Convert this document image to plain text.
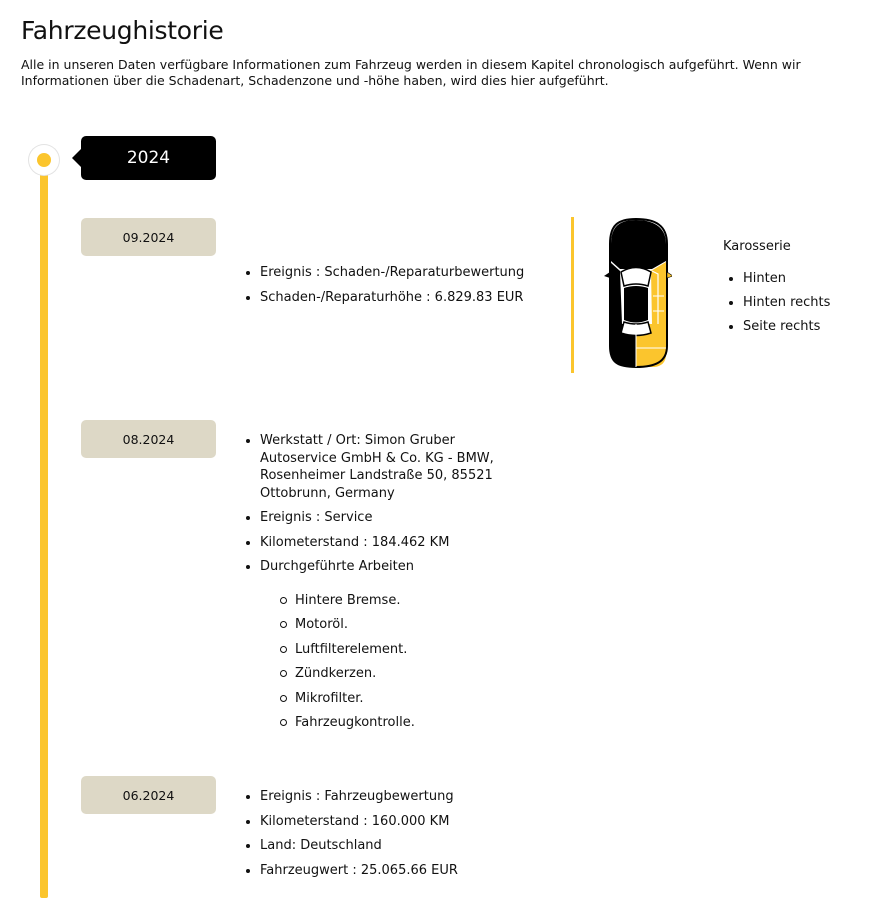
Fahrzeughistorie

Alle in unseren Daten verfügbare Informationen zum Fahrzeug werden in diesem Kapitel chronologisch aufgeführt. Wenn wir Informationen über die Schadenart, Schadenzone und -höhe haben, wird dies hier aufgeführt.

2024
09.2024
Ereignis : Schaden-/Reparaturbewertung
Schaden-/Reparaturhöhe : 6.829.83 EUR

Karosserie

Hinten
Hinten rechts
Seite rechts
08.2024	Werkstatt / Ort: Simon Gruber Autoservice GmbH & Co. KG - BMW, Rosenheimer Landstraße 50, 85521 Ottobrunn, Germany
Ereignis : Service
Kilometerstand : 184.462 KM
Durchgeführte Arbeiten
Hintere Bremse.
Motoröl.
Luftfilterelement.
Zündkerzen.
Mikrofilter.
Fahrzeugkontrolle.
06.2024	Ereignis : Fahrzeugbewertung
Kilometerstand : 160.000 KM
Land: Deutschland
Fahrzeugwert : 25.065.66 EUR
